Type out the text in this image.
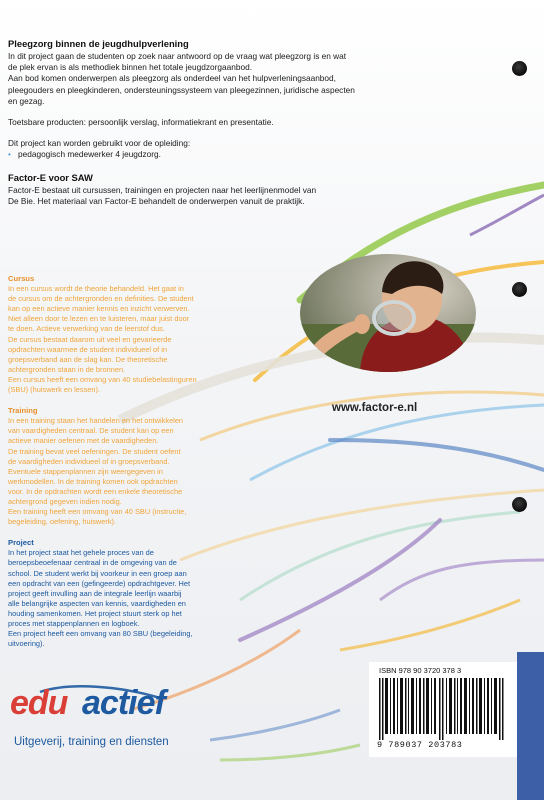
Pleegzorg binnen de jeugdhulpverlening

In dit project gaan de studenten op zoek naar antwoord op de vraag wat pleegzorg is en wat
de plek ervan is als methodiek binnen het totale jeugdzorgaanbod.
Aan bod komen onderwerpen als pleegzorg als onderdeel van het hulpverleningsaanbod,
pleegouders en pleegkinderen, ondersteuningssysteem van pleegezinnen, juridische aspecten
en gezag.

Toetsbare producten: persoonlijk verslag, informatiekrant en presentatie.

Dit project kan worden gebruikt voor de opleiding:
• pedagogisch medewerker 4 jeugdzorg.
Factor-E voor SAW

Factor-E bestaat uit cursussen, trainingen en projecten naar het leerlijnenmodel van
De Bie. Het materiaal van Factor-E behandelt de onderwerpen vanuit de praktijk.

Cursus

In een cursus wordt de theorie behandeld. Het gaat in
de cursus om de achtergronden en definities. De student
kan op een actieve manier kennis en inzicht verwerven.
Niet alleen door te lezen en te luisteren, maar juist door
te doen. Actieve verwerking van de leerstof dus.
De cursus bestaat daarom uit veel en gevarieerde
opdrachten waarmee de student individueel of in
groepsverband aan de slag kan. De theoretische
achtergronden staan in de bronnen.
Een cursus heeft een omvang van 40 studiebelastinguren
(SBU) (huiswerk en lessen).

Training

In een training staan het handelen en het ontwikkelen
van vaardigheden centraal. De student kan op een
actieve manier oefenen met de vaardigheden.
De training bevat veel oefeningen. De student oefent
de vaardigheden individueel of in groepsverband.
Eventuele stappenplannen zijn weergegeven in
werkmodellen. In de training komen ook opdrachten
voor. In de opdrachten wordt een enkele theoretische
achtergrond gegeven indien nodig.
Een training heeft een omvang van 40 SBU (instructie,
begeleiding, oefening, huiswerk).

Project

In het project staat het gehele proces van de
beroepsbeoefenaar centraal in de omgeving van de
school. De student werkt bij voorkeur in een groep aan
een opdracht van een (gefingeerde) opdrachtgever. Het
project geeft invulling aan de integrale leerlijn waarbij
alle belangrijke aspecten van kennis, vaardigheden en
houding samenkomen. Het project stuurt sterk op het
proces met stappenplannen en logboek.
Een project heeft een omvang van 80 SBU (begeleiding,
uitvoering).

www.factor-e.nl
ISBN 978 90 3720 378 3
9 789037 203783
edu actief
Uitgeverij, training en diensten
